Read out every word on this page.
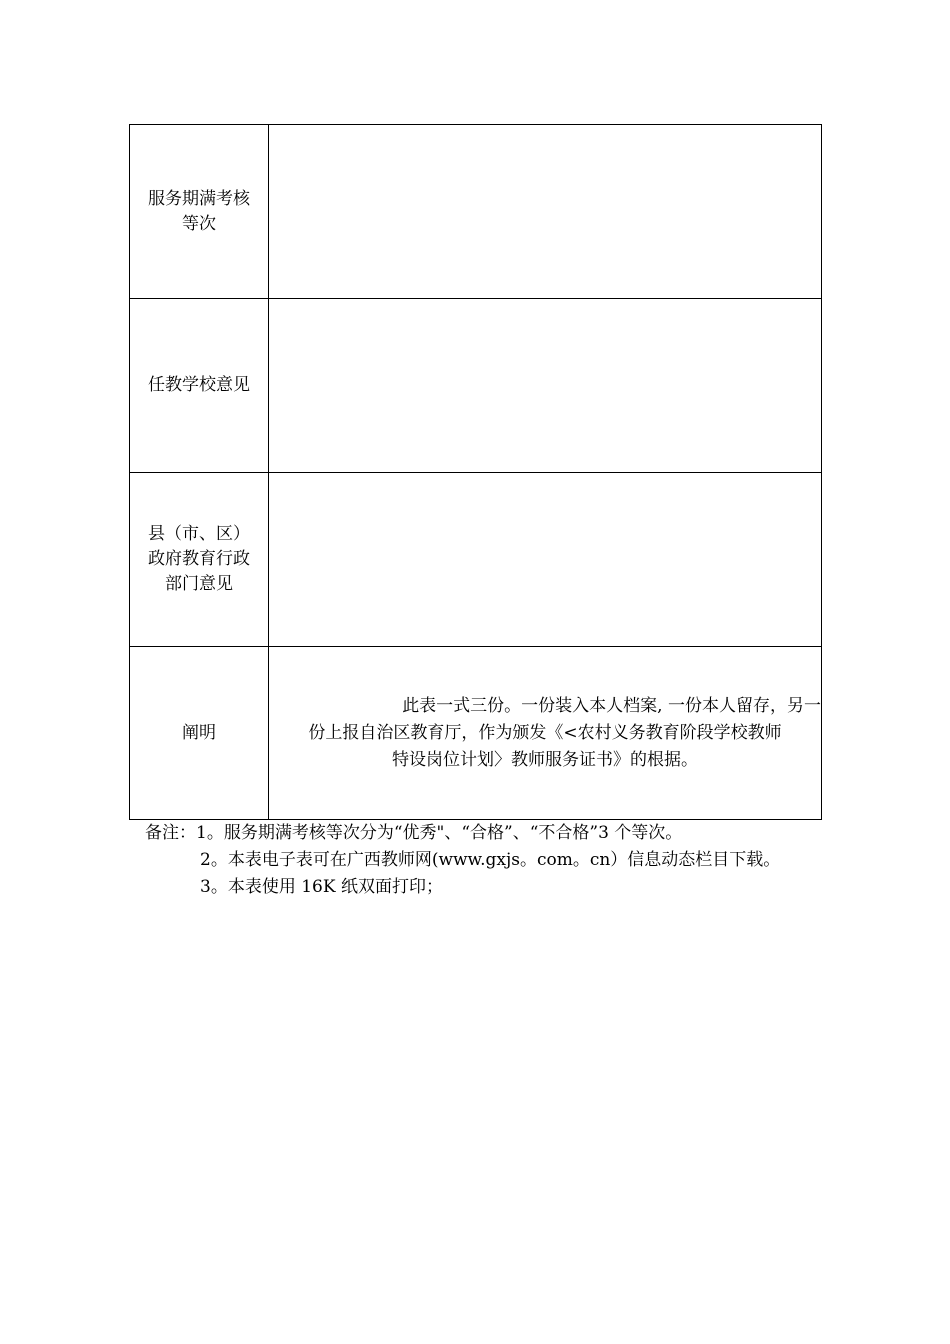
服务期满考核
等次	

任教学校意见	

县（市、区）
政府教育行政
部门意见	

阐明	此表一式三份。一份装入本人档案, 一份本人留存，另一
份上报自治区教育厅，作为颁发《<农村义务教育阶段学校教师
特设岗位计划〉教师服务证书》的根据。
备注：1。服务期满考核等次分为“优秀"、“合格”、“不合格”3 个等次。
2。本表电子表可在广西教师网(www.gxjs。com。cn）信息动态栏目下载。
3。本表使用 16K 纸双面打印；
